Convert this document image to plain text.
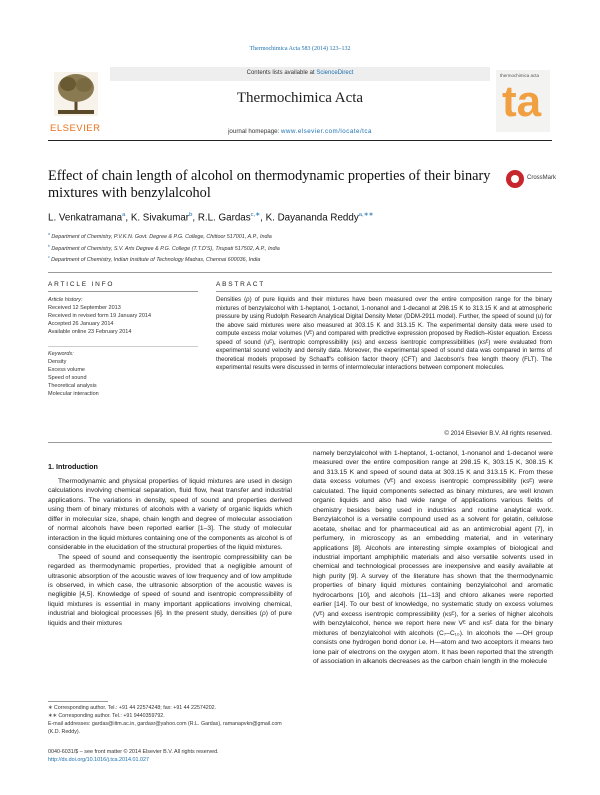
Thermochimica Acta 583 (2014) 123–132
Contents lists available at ScienceDirect
ELSEVIER
Thermochimica Acta
journal homepage: www.elsevier.com/locate/tca
thermochimica acta
ta
Effect of chain length of alcohol on thermodynamic properties of their binary mixtures with benzylalcohol
CrossMark
L. Venkatramana$^a$, K. Sivakumar$^b$, R.L. Gardas$^{c,∗}$, K. Dayananda Reddy$^{a,∗∗}$
$^a$ Department of Chemistry, P.V.K.N. Govt. Degree & P.G. College, Chittoor 517001, A.P., India
$^b$ Department of Chemistry, S.V. Arts Degree & P.G. College (T.T.D'S), Tirupati 517502, A.P., India
$^c$ Department of Chemistry, Indian Institute of Technology Madras, Chennai 600036, India
ARTICLE INFO	ABSTRACT
Article history:
Received 12 September 2013
Received in revised form 19 January 2014
Accepted 26 January 2014
Available online 23 February 2014
Keywords:
Density
Excess volume
Speed of sound
Theoretical analysis
Molecular interaction
Densities (ρ) of pure liquids and their mixtures have been measured over the entire composition range for the binary mixtures of benzylalcohol with 1-heptanol, 1-octanol, 1-nonanol and 1-decanol at 298.15 K to 313.15 K and at atmospheric pressure by using Rudolph Research Analytical Digital Density Meter (DDM-2911 model). Further, the speed of sound (u) for the above said mixtures were also measured at 303.15 K and 313.15 K. The experimental density data were used to compute excess molar volumes (Vᴱ) and compared with predictive expression proposed by Redlich–Kister equation. Excess speed of sound (uᴱ), isentropic compressibility (κs) and excess isentropic compressibilities (κsᴱ) were evaluated from experimental sound velocity and density data. Moreover, the experimental speed of sound data was compared in terms of theoretical models proposed by Schaaff's collision factor theory (CFT) and Jacobson's free length theory (FLT). The experimental results were discussed in terms of intermolecular interactions between component molecules.
© 2014 Elsevier B.V. All rights reserved.
1. Introduction

Thermodynamic and physical properties of liquid mixtures are used in design calculations involving chemical separation, fluid flow, heat transfer and industrial applications. The variations in density, speed of sound and properties derived using them of binary mixtures of alcohols with a variety of organic liquids which differ in molecular size, shape, chain length and degree of molecular association of normal alcohols have been reported earlier [1–3]. The study of molecular interaction in the liquid mixtures containing one of the components as alcohol is of considerable in the elucidation of the structural properties of the liquid mixtures.

The speed of sound and consequently the isentropic compressibility can be regarded as thermodynamic properties, provided that a negligible amount of ultrasonic absorption of the acoustic waves of low frequency and of low amplitude is observed, in which case, the ultrasonic absorption of the acoustic waves is negligible [4,5]. Knowledge of speed of sound and isentropic compressibility of liquid mixtures is essential in many important applications involving chemical, industrial and biological processes [6]. In the present study, densities (ρ) of pure liquids and their mixtures

namely benzylalcohol with 1-heptanol, 1-octanol, 1-nonanol and 1-decanol were measured over the entire composition range at 298.15 K, 303.15 K, 308.15 K and 313.15 K and speed of sound data at 303.15 K and 313.15 K. From these data excess volumes (Vᴱ) and excess isentropic compressibility (κsᴱ) were calculated. The liquid components selected as binary mixtures, are well known organic liquids and also had wide range of applications various fields of chemistry besides being used in industries and routine analytical work. Benzylalcohol is a versatile compound used as a solvent for gelatin, cellulose acetate, shellac and for pharmaceutical aid as an antimicrobial agent [7], in perfumery, in microscopy as an embedding material, and in veterinary applications [8]. Alcohols are interesting simple examples of biological and industrial important amphiphilic materials and also versatile solvents used in chemical and technological processes are inexpensive and easily available at high purity [9]. A survey of the literature has shown that the thermodynamic properties of binary liquid mixtures containing benzylalcohol and aromatic hydrocarbons [10], and alcohols [11–13] and chloro alkanes were reported earlier [14]. To our best of knowledge, no systematic study on excess volumes (Vᴱ) and excess isentropic compressibility (κsᴱ), for a series of higher alcohols with benzylalcohol, hence we report here new Vᴱ and κsᴱ data for the binary mixtures of benzylalcohol with alcohols (C₇–C₁₀). In alcohols the —OH group consists one hydrogen bond donor i.e. H—atom and two acceptors it means two lone pair of electrons on the oxygen atom. It has been reported that the strength of association in alkanols decreases as the carbon chain length in the molecule

∗ Corresponding author. Tel.: +91 44 22574248; fax: +91 44 22574202.
∗∗ Corresponding author. Tel.: +91 9440359792.
E-mail addresses: gardas@iitm.ac.in, gardasr@yahoo.com (R.L. Gardas), ramanapvkn@gmail.com (K.D. Reddy).
0040-6031/$ – see front matter © 2014 Elsevier B.V. All rights reserved.
http://dx.doi.org/10.1016/j.tca.2014.01.027
